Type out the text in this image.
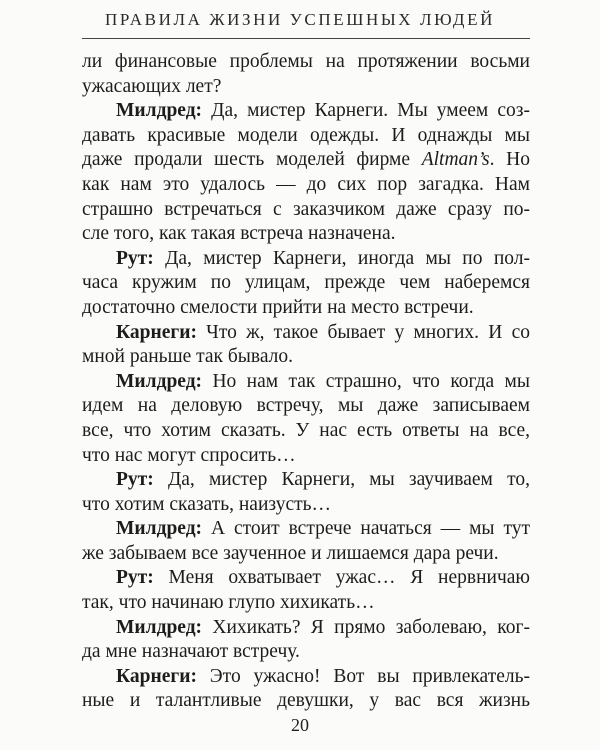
ПРАВИЛА ЖИЗНИ УСПЕШНЫХ ЛЮДЕЙ
ли финансовые проблемы на протяжении восьми
ужасающих лет?
Милдред: Да, мистер Карнеги. Мы умеем соз-
давать красивые модели одежды. И однажды мы
даже продали шесть моделей фирме Altman’s. Но
как нам это удалось — до сих пор загадка. Нам
страшно встречаться с заказчиком даже сразу по-
сле того, как такая встреча назначена.
Рут: Да, мистер Карнеги, иногда мы по пол-
часа кружим по улицам, прежде чем наберемся
достаточно смелости прийти на место встречи.
Карнеги: Что ж, такое бывает у многих. И со
мной раньше так бывало.
Милдред: Но нам так страшно, что когда мы
идем на деловую встречу, мы даже записываем
все, что хотим сказать. У нас есть ответы на все,
что нас могут спросить…
Рут: Да, мистер Карнеги, мы заучиваем то,
что хотим сказать, наизусть…
Милдред: А стоит встрече начаться — мы тут
же забываем все заученное и лишаемся дара речи.
Рут: Меня охватывает ужас… Я нервничаю
так, что начинаю глупо хихикать…
Милдред: Хихикать? Я прямо заболеваю, ког-
да мне назначают встречу.
Карнеги: Это ужасно! Вот вы привлекатель-
ные и талантливые девушки, у вас вся жизнь
20
